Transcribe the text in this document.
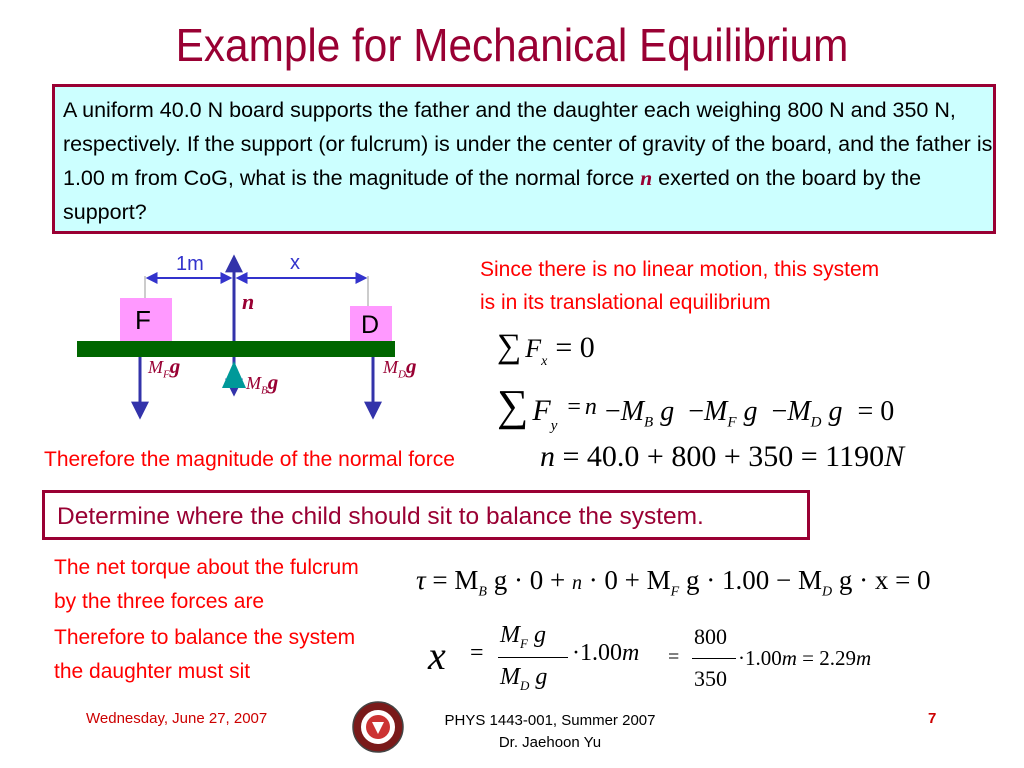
Example for Mechanical Equilibrium
A uniform 40.0 N board supports the father and the daughter each weighing 800 N and 350 N, respectively. If the support (or fulcrum) is under the center of gravity of the board, and the father is 1.00 m from CoG, what is the magnitude of the normal force n exerted on the board by the support?
1m	x
F	D
n
$M_Fg$
$M_Bg$
$M_Dg$
Since there is no linear motion, this system
is in its translational equilibrium
∑ $F_x = 0$
∑ $F_y= n -M_B$ $g -M_F$ $g -M_D$ g = 0
Therefore the magnitude of the normal force	n = 40.0 + 800 + 350 = 1190N
Determine where the child should sit to balance the system.
The net torque about the fulcrum
by the three forces are
Therefore to balance the system
the daughter must sit
$\tau = M_B$ $g \cdot 0 + n \cdot 0 + M_F$ $g \cdot 1.00 - M_D$ g · x = 0
x =
$M_F$ g
$M_D$ g
·1.00m =
800
350
·1.00m = 2.29m
Wednesday, June 27, 2007	PHYS 1443-001, Summer 2007
Dr. Jaehoon Yu
7
